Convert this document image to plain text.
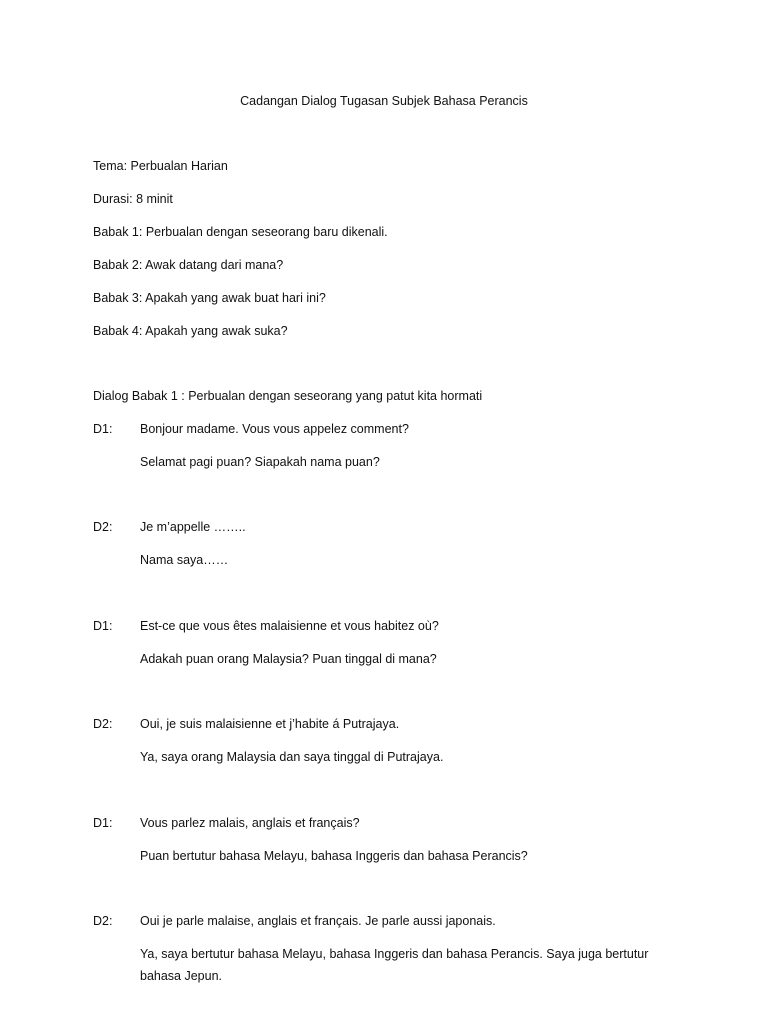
Cadangan Dialog Tugasan Subjek Bahasa Perancis
Tema: Perbualan Harian
Durasi: 8 minit
Babak 1: Perbualan dengan seseorang baru dikenali.
Babak 2: Awak datang dari mana?
Babak 3: Apakah yang awak buat hari ini?
Babak 4: Apakah yang awak suka?
Dialog Babak 1 : Perbualan dengan seseorang yang patut kita hormati
D1: Bonjour madame. Vous vous appelez comment?
Selamat pagi puan? Siapakah nama puan?
D2: Je m’appelle ……..
Nama saya……
D1: Est-ce que vous êtes malaisienne et vous habitez où?
Adakah puan orang Malaysia? Puan tinggal di mana?
D2: Oui, je suis malaisienne et j’habite á Putrajaya.
Ya, saya orang Malaysia dan saya tinggal di Putrajaya.
D1: Vous parlez malais, anglais et français?
Puan bertutur bahasa Melayu, bahasa Inggeris dan bahasa Perancis?
D2: Oui je parle malaise, anglais et français. Je parle aussi japonais.
Ya, saya bertutur bahasa Melayu, bahasa Inggeris dan bahasa Perancis. Saya juga bertutur bahasa Jepun.
